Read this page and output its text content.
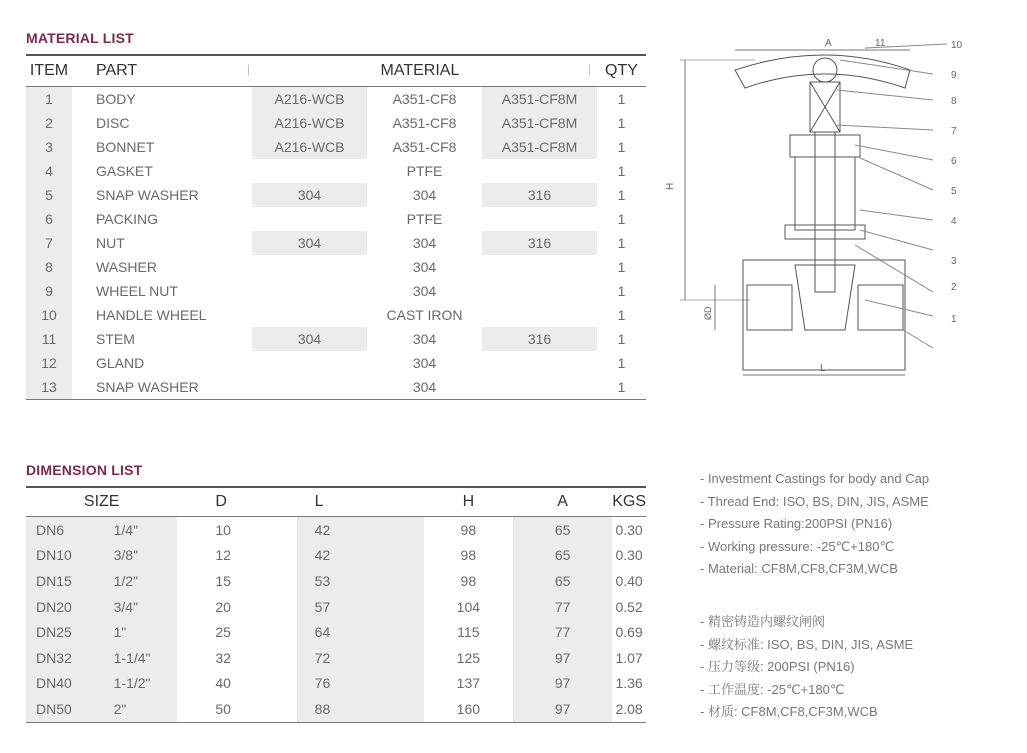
MATERIAL LIST
ITEM	PART |	MATERIAL |			QTY
1	BODY	A216-WCB	A351-CF8	A351-CF8M	1
2	DISC	A216-WCB	A351-CF8	A351-CF8M	1
3	BONNET	A216-WCB	A351-CF8	A351-CF8M	1
4	GASKET		PTFE		1
5	SNAP WASHER	304	304	316	1
6	PACKING		PTFE		1
7	NUT	304	304	316	1
8	WASHER		304		1
9	WHEEL NUT		304		1
10	HANDLE WHEEL		CAST IRON		1
11	STEM	304	304	316	1
12	GLAND		304		1
13	SNAP WASHER		304		1
DIMENSION LIST
SIZE		D	L	H	A	KGS
DN6	1/4"	10	42	98	65	0.30
DN10	3/8"	12	42	98	65	0.30
DN15	1/2"	15	53	98	65	0.40
DN20	3/4"	20	57	104	77	0.52
DN25	1"	25	64	115	77	0.69
DN32	1-1/4"	32	72	125	97	1.07
DN40	1-1/2"	40	76	137	97	1.36
DN50	2"	50	88	160	97	2.08
A
H
ØD
L
10
11
9
8
7
6
5
4
3
2
1
- Investment Castings for body and Cap
- Thread End: ISO, BS, DIN, JIS, ASME
- Pressure Rating:200PSI (PN16)
- Working pressure: -25℃+180℃
- Material: CF8M,CF8,CF3M,WCB
- 精密铸造内螺纹闸阀
- 螺纹标准: ISO, BS, DIN, JIS, ASME
- 压力等级: 200PSI (PN16)
- 工作温度: -25℃+180℃
- 材质: CF8M,CF8,CF3M,WCB
